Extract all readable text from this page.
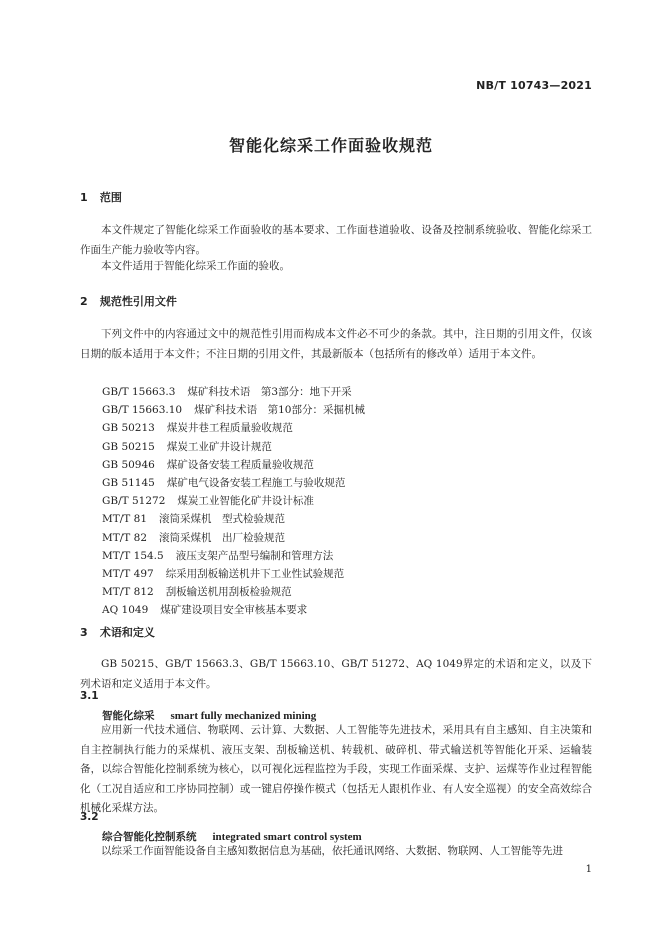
NB/T 10743—2021
智能化综采工作面验收规范
1 范围
本文件规定了智能化综采工作面验收的基本要求、工作面巷道验收、设备及控制系统验收、智能化综采工作面生产能力验收等内容。
本文件适用于智能化综采工作面的验收。
2 规范性引用文件
下列文件中的内容通过文中的规范性引用而构成本文件必不可少的条款。其中，注日期的引用文件，仅该日期的版本适用于本文件；不注日期的引用文件，其最新版本（包括所有的修改单）适用于本文件。
GB/T 15663.3 煤矿科技术语　第3部分：地下开采
GB/T 15663.10 煤矿科技术语　第10部分：采掘机械
GB 50213 煤炭井巷工程质量验收规范
GB 50215 煤炭工业矿井设计规范
GB 50946 煤矿设备安装工程质量验收规范
GB 51145 煤矿电气设备安装工程施工与验收规范
GB/T 51272 煤炭工业智能化矿井设计标准
MT/T 81 滚筒采煤机　型式检验规范
MT/T 82 滚筒采煤机　出厂检验规范
MT/T 154.5 液压支架产品型号编制和管理方法
MT/T 497 综采用刮板输送机井下工业性试验规范
MT/T 812 刮板输送机用刮板检验规范
AQ 1049 煤矿建设项目安全审核基本要求
3 术语和定义
GB 50215、GB/T 15663.3、GB/T 15663.10、GB/T 51272、AQ 1049界定的术语和定义，以及下列术语和定义适用于本文件。
3.1
智能化综采 smart fully mechanized mining
应用新一代技术通信、物联网、云计算、大数据、人工智能等先进技术，采用具有自主感知、自主决策和自主控制执行能力的采煤机、液压支架、刮板输送机、转载机、破碎机、带式输送机等智能化开采、运输装备，以综合智能化控制系统为核心，以可视化远程监控为手段，实现工作面采煤、支护、运煤等作业过程智能化（工况自适应和工序协同控制）或一键启停操作模式（包括无人跟机作业、有人安全巡视）的安全高效综合机械化采煤方法。
3.2
综合智能化控制系统 integrated smart control system
以综采工作面智能设备自主感知数据信息为基础，依托通讯网络、大数据、物联网、人工智能等先进
1
